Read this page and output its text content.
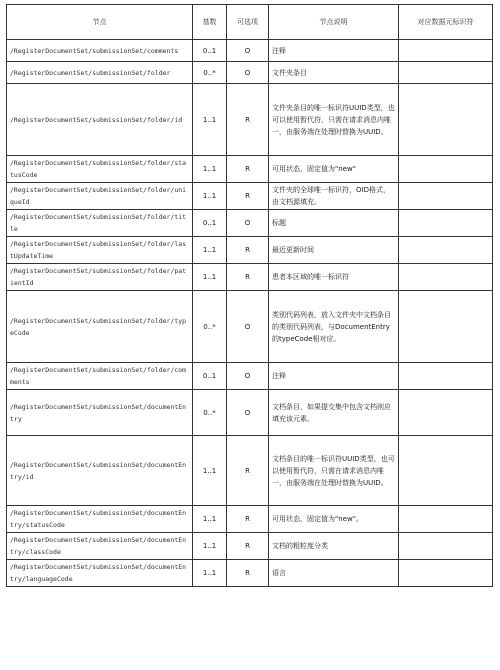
节点	基数	可选项	节点说明	对应数据元标识符
/RegisterDocumentSet/submissionSet/comments	0..1	O	注释	
/RegisterDocumentSet/submissionSet/folder	0..*	O	文件夹条目	
/RegisterDocumentSet/submissionSet/folder/id	1..1	R	文件夹条目的唯一标识符UUID类型，也可以使用暂代符，只需在请求消息内唯一，由服务端在处理时替换为UUID。	
/RegisterDocumentSet/submissionSet/folder/statusCode	1..1	R	可用状态，固定值为"new"	
/RegisterDocumentSet/submissionSet/folder/uniqueId	1..1	R	文件夹的全球唯一标识符，OID格式，由文档源填充。	
/RegisterDocumentSet/submissionSet/folder/title	0..1	O	标题	
/RegisterDocumentSet/submissionSet/folder/lastUpdateTime	1..1	R	最近更新时间	
/RegisterDocumentSet/submissionSet/folder/patientId	1..1	R	患者本区域的唯一标识符	
/RegisterDocumentSet/submissionSet/folder/typeCode	0..*	O	类别代码列表，放入文件夹中文档条目的类别代码列表，与DocumentEntry的typeCode相对应。	
/RegisterDocumentSet/submissionSet/folder/comments	0..1	O	注释	
/RegisterDocumentSet/submissionSet/documentEntry	0..*	O	文档条目，如果提交集中包含文档则应填充该元素。	
/RegisterDocumentSet/submissionSet/documentEntry/id	1..1	R	文档条目的唯一标识符UUID类型，也可以使用暂代符，只需在请求消息内唯一，由服务端在处理时替换为UUID。	
/RegisterDocumentSet/submissionSet/documentEntry/statusCode	1..1	R	可用状态，固定值为"new"。	
/RegisterDocumentSet/submissionSet/documentEntry/classCode	1..1	R	文档的粗粒度分类	
/RegisterDocumentSet/submissionSet/documentEntry/languageCode	1..1	R	语言	
